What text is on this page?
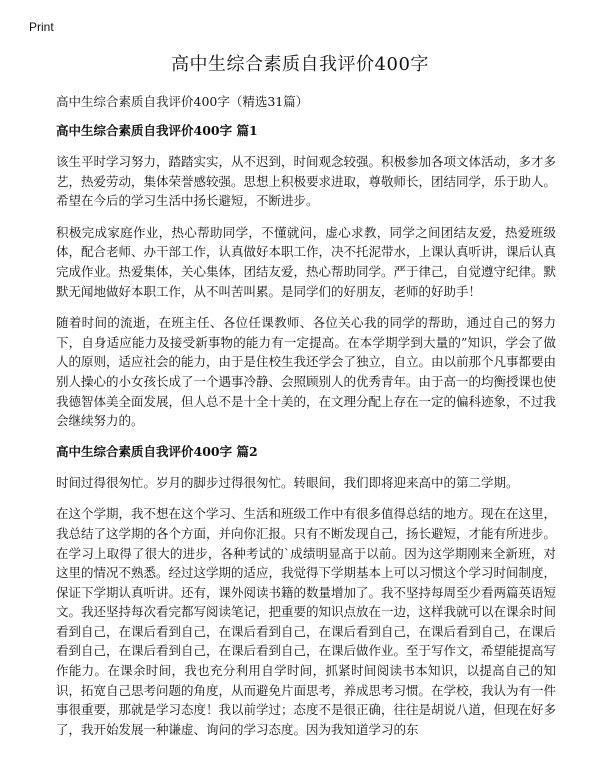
Print
高中生综合素质自我评价400字

高中生综合素质自我评价400字（精选31篇）

高中生综合素质自我评价400字 篇1

该生平时学习努力，踏踏实实，从不迟到，时间观念较强。积极参加各项文体活动，多才多艺，热爱劳动，集体荣誉感较强。思想上积极要求进取，尊敬师长，团结同学，乐于助人。希望在今后的学习生活中扬长避短，不断进步。

积极完成家庭作业，热心帮助同学，不懂就问，虚心求教，同学之间团结友爱，热爱班级体，配合老师、办干部工作，认真做好本职工作，决不托泥带水，上课认真听讲，课后认真完成作业。热爱集体，关心集体，团结友爱，热心帮助同学。严于律己，自觉遵守纪律。默默无闻地做好本职工作，从不叫苦叫累。是同学们的好朋友，老师的好助手！

随着时间的流逝，在班主任、各位任课教师、各位关心我的同学的帮助，通过自己的努力下，自身适应能力及接受新事物的能力有一定提高。在本学期学到大量的”知识，学会了做人的原则，适应社会的能力，由于是住校生我还学会了独立，自立。由以前那个凡事都要由别人操心的小女孩长成了一个遇事冷静、会照顾别人的优秀青年。由于高一的均衡授课也使我德智体美全面发展，但人总不是十全十美的，在文理分配上存在一定的偏科迹象，不过我会继续努力的。

高中生综合素质自我评价400字 篇2

时间过得很匆忙。岁月的脚步过得很匆忙。转眼间，我们即将迎来高中的第二学期。

在这个学期，我不想在这个学习、生活和班级工作中有很多值得总结的地方。现在在这里，我总结了这学期的各个方面，并向你汇报。只有不断发现自己，扬长避短，才能有所进步。在学习上取得了很大的进步，各种考试的`成绩明显高于以前。因为这学期刚来全新班，对这里的情况不熟悉。经过这学期的适应，我觉得下学期基本上可以习惯这个学习时间制度，保证下学期认真听讲。还有，课外阅读书籍的数量增加了。我不坚持每周至少看两篇英语短文。我还坚持每次看完都写阅读笔记，把重要的知识点放在一边，这样我就可以在课余时间看到自己，在课后看到自己，在课后看到自己，在课后看到自己，在课后看到自己，在课后看到自己，在课后看到自己，在课后看到自己，在课后做作业。至于写作文，希望能提高写作能力。在课余时间，我也充分利用自学时间，抓紧时间阅读书本知识，以提高自己的知识，拓宽自己思考问题的角度，从而避免片面思考，养成思考习惯。在学校，我认为有一件事很重要，那就是学习态度！我以前学过；态度不是很正确，往往是胡说八道，但现在好多了，我开始发展一种谦虚、询问的学习态度。因为我知道学习的东
